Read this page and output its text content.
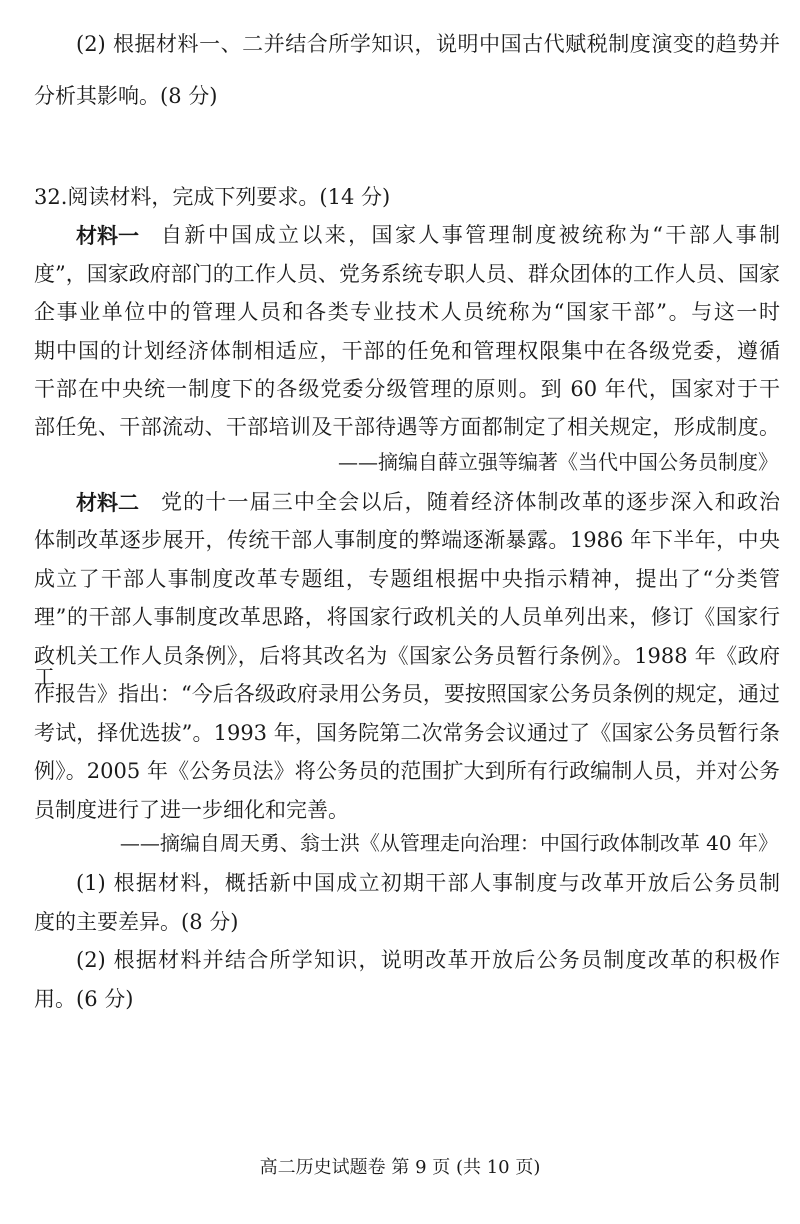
(2) 根据材料一、二并结合所学知识，说明中国古代赋税制度演变的趋势并
分析其影响。(8 分)
32.阅读材料，完成下列要求。(14 分)
材料一 自新中国成立以来，国家人事管理制度被统称为“干部人事制
度”，国家政府部门的工作人员、党务系统专职人员、群众团体的工作人员、国家
企事业单位中的管理人员和各类专业技术人员统称为“国家干部”。与这一时
期中国的计划经济体制相适应，干部的任免和管理权限集中在各级党委，遵循
干部在中央统一制度下的各级党委分级管理的原则。到 60 年代，国家对于干
部任免、干部流动、干部培训及干部待遇等方面都制定了相关规定，形成制度。
——摘编自薛立强等编著《当代中国公务员制度》
材料二 党的十一届三中全会以后，随着经济体制改革的逐步深入和政治
体制改革逐步展开，传统干部人事制度的弊端逐渐暴露。1986 年下半年，中央
成立了干部人事制度改革专题组，专题组根据中央指示精神，提出了“分类管
理”的干部人事制度改革思路，将国家行政机关的人员单列出来，修订《国家行
政机关工作人员条例》，后将其改名为《国家公务员暂行条例》。1988 年《政府工
作报告》指出：“今后各级政府录用公务员，要按照国家公务员条例的规定，通过
考试，择优选拔”。1993 年，国务院第二次常务会议通过了《国家公务员暂行条
例》。2005 年《公务员法》将公务员的范围扩大到所有行政编制人员，并对公务
员制度进行了进一步细化和完善。
——摘编自周天勇、翁士洪《从管理走向治理：中国行政体制改革 40 年》
(1) 根据材料，概括新中国成立初期干部人事制度与改革开放后公务员制
度的主要差异。(8 分)
(2) 根据材料并结合所学知识，说明改革开放后公务员制度改革的积极作
用。(6 分)
高二历史试题卷 第 9 页 (共 10 页)
